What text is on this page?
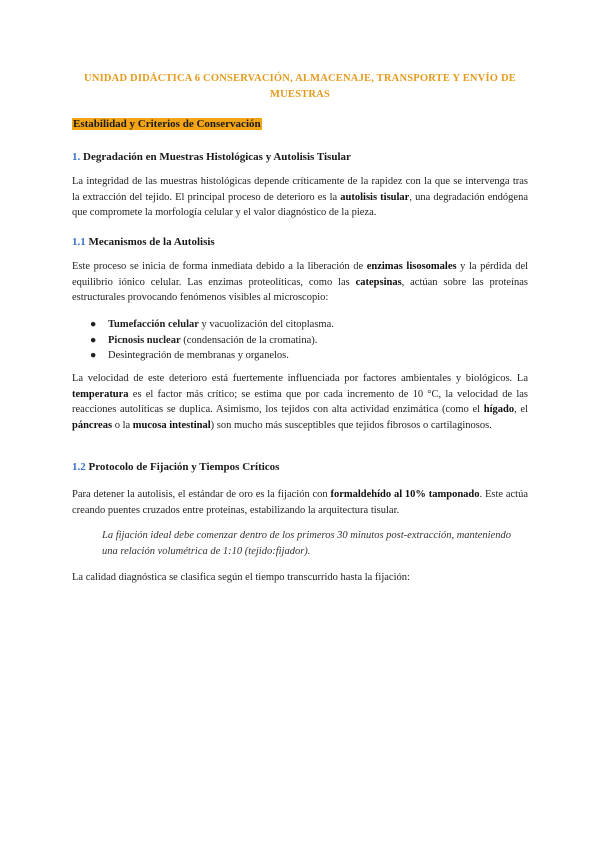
UNIDAD DIDÁCTICA 6 CONSERVACIÓN, ALMACENAJE, TRANSPORTE Y ENVÍO DE MUESTRAS
Estabilidad y Criterios de Conservación
1. Degradación en Muestras Histológicas y Autolisis Tisular

La integridad de las muestras histológicas depende críticamente de la rapidez con la que se intervenga tras la extracción del tejido. El principal proceso de deterioro es la autolisis tisular, una degradación endógena que compromete la morfología celular y el valor diagnóstico de la pieza.

1.1 Mecanismos de la Autolisis

Este proceso se inicia de forma inmediata debido a la liberación de enzimas lisosomales y la pérdida del equilibrio iónico celular. Las enzimas proteolíticas, como las catepsinas, actúan sobre las proteínas estructurales provocando fenómenos visibles al microscopio:

● Tumefacción celular y vacuolización del citoplasma.
● Picnosis nuclear (condensación de la cromatina).
● Desintegración de membranas y organelos.

La velocidad de este deterioro está fuertemente influenciada por factores ambientales y biológicos. La temperatura es el factor más crítico; se estima que por cada incremento de 10 °C, la velocidad de las reacciones autolíticas se duplica. Asimismo, los tejidos con alta actividad enzimática (como el hígado, el páncreas o la mucosa intestinal) son mucho más susceptibles que tejidos fibrosos o cartilaginosos.

1.2 Protocolo de Fijación y Tiempos Críticos

Para detener la autolisis, el estándar de oro es la fijación con formaldehído al 10% tamponado. Este actúa creando puentes cruzados entre proteínas, estabilizando la arquitectura tisular.

La fijación ideal debe comenzar dentro de los primeros 30 minutos post-extracción, manteniendo una relación volumétrica de 1:10 (tejido:fijador).

La calidad diagnóstica se clasifica según el tiempo transcurrido hasta la fijación:
